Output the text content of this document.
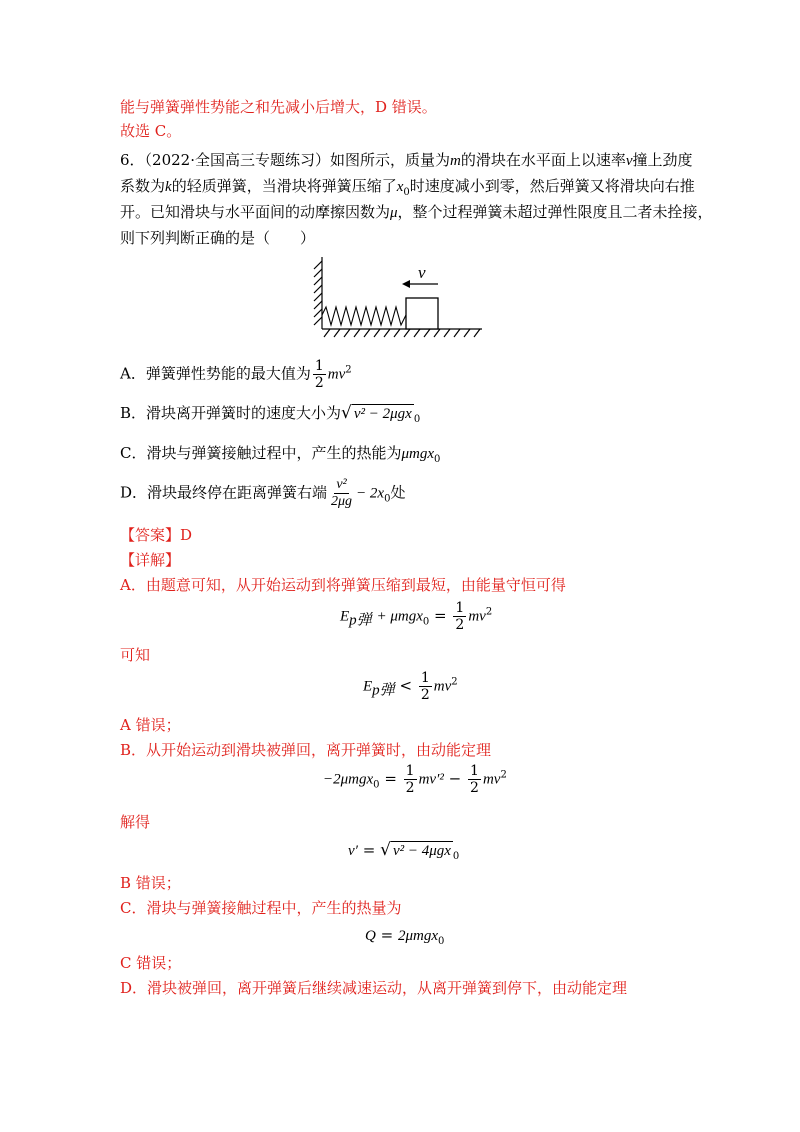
能与弹簧弹性势能之和先减小后增大，D 错误。
故选 C。
6．（2022·全国高三专题练习）如图所示，质量为m的滑块在水平面上以速率v撞上劲度
系数为k的轻质弹簧，当滑块将弹簧压缩了$x_0$时速度减小到零，然后弹簧又将滑块向右推
开。已知滑块与水平面间的动摩擦因数为μ，整个过程弹簧未超过弹性限度且二者未拴接，
则下列判断正确的是（　　）
v
A．弹簧弹性势能的最大值为 $\frac{1}{2} mv^2$
B．滑块离开弹簧时的速度大小为√ v² − 2μgx $_0$
C．滑块与弹簧接触过程中，产生的热能为μmgx$_0$
D．滑块最终停在距离弹簧右端 $\frac{\text{v²}}{2\mu g} - 2x_0$处
【答案】D
【详解】
A．由题意可知，从开始运动到将弹簧压缩到最短，由能量守恒可得
$E_{p弹} + \mu mgx_0 = \frac{1}{2} mv^2$
可知
$E_{p弹} < \frac{1}{2} mv^2$
A 错误；
B．从开始运动到滑块被弹回，离开弹簧时，由动能定理
$-2\mu mgx_0 = \frac{1}{2} mv'^2 - \frac{1}{2} mv^2$
解得
v′ = √ v² − 4μgx $_0$
B 错误；
C．滑块与弹簧接触过程中，产生的热量为
Q = 2μmgx$_0$
C 错误；
D．滑块被弹回，离开弹簧后继续减速运动，从离开弹簧到停下，由动能定理
